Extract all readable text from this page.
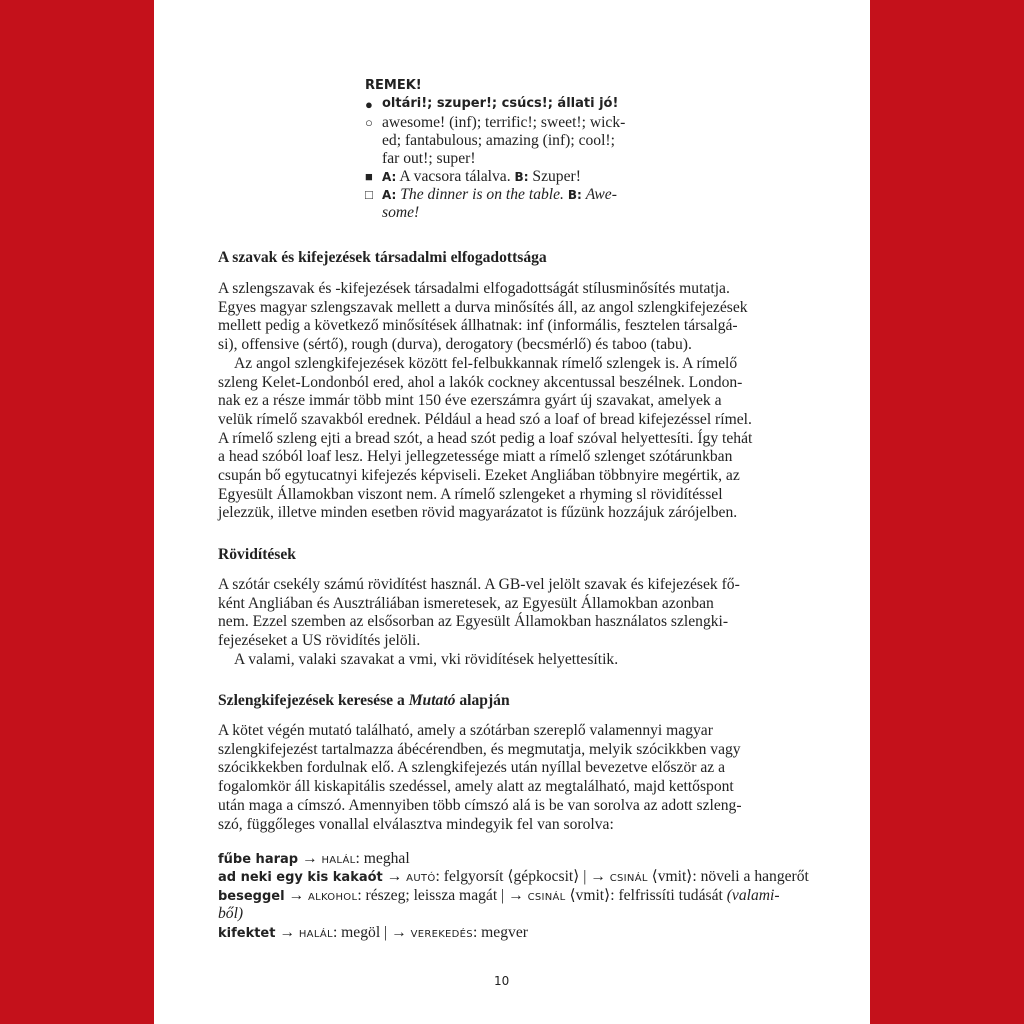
REMEK!
● oltári!; szuper!; csúcs!; állati jó!
○ awesome! (inf); terrific!; sweet!; wick-
ed; fantabulous; amazing (inf); cool!;
far out!; super!
■ A: A vacsora tálalva. B: Szuper!
□ A: The dinner is on the table. B: Awe-
some!
A szavak és kifejezések társadalmi elfogadottsága
A szlengszavak és -kifejezések társadalmi elfogadottságát stílusminősítés mutatja.
Egyes magyar szlengszavak mellett a durva minősítés áll, az angol szlengkifejezések
mellett pedig a következő minősítések állhatnak: inf (informális, fesztelen társalgá-
si), offensive (sértő), rough (durva), derogatory (becsmérlő) és taboo (tabu).
Az angol szlengkifejezések között fel-felbukkannak rímelő szlengek is. A rímelő
szleng Kelet-Londonból ered, ahol a lakók cockney akcentussal beszélnek. London-
nak ez a része immár több mint 150 éve ezerszámra gyárt új szavakat, amelyek a
velük rímelő szavakból erednek. Például a head szó a loaf of bread kifejezéssel rímel.
A rímelő szleng ejti a bread szót, a head szót pedig a loaf szóval helyettesíti. Így tehát
a head szóból loaf lesz. Helyi jellegzetessége miatt a rímelő szlenget szótárunkban
csupán bő egytucatnyi kifejezés képviseli. Ezeket Angliában többnyire megértik, az
Egyesült Államokban viszont nem. A rímelő szlengeket a rhyming sl rövidítéssel
jelezzük, illetve minden esetben rövid magyarázatot is fűzünk hozzájuk zárójelben.
Rövidítések
A szótár csekély számú rövidítést használ. A GB-vel jelölt szavak és kifejezések fő-
ként Angliában és Ausztráliában ismeretesek, az Egyesült Államokban azonban
nem. Ezzel szemben az elsősorban az Egyesült Államokban használatos szlengki-
fejezéseket a US rövidítés jelöli.
A valami, valaki szavakat a vmi, vki rövidítések helyettesítik.
Szlengkifejezések keresése a Mutató alapján
A kötet végén mutató található, amely a szótárban szereplő valamennyi magyar
szlengkifejezést tartalmazza ábécérendben, és megmutatja, melyik szócikkben vagy
szócikkekben fordulnak elő. A szlengkifejezés után nyíllal bevezetve először az a
fogalomkör áll kiskapitális szedéssel, amely alatt az megtalálható, majd kettőspont
után maga a címszó. Amennyiben több címszó alá is be van sorolva az adott szleng-
szó, függőleges vonallal elválasztva mindegyik fel van sorolva:
fűbe harap → HALÁL: meghal
ad neki egy kis kakaót → AUTÓ: felgyorsít ⟨gépkocsit⟩ | → CSINÁL ⟨vmit⟩: növeli a hangerőt
beseggel → ALKOHOL: részeg; leissza magát | → CSINÁL ⟨vmit⟩: felfrissíti tudását (valami-
ből)
kifektet → HALÁL: megöl | → VEREKEDÉS: megver
10
